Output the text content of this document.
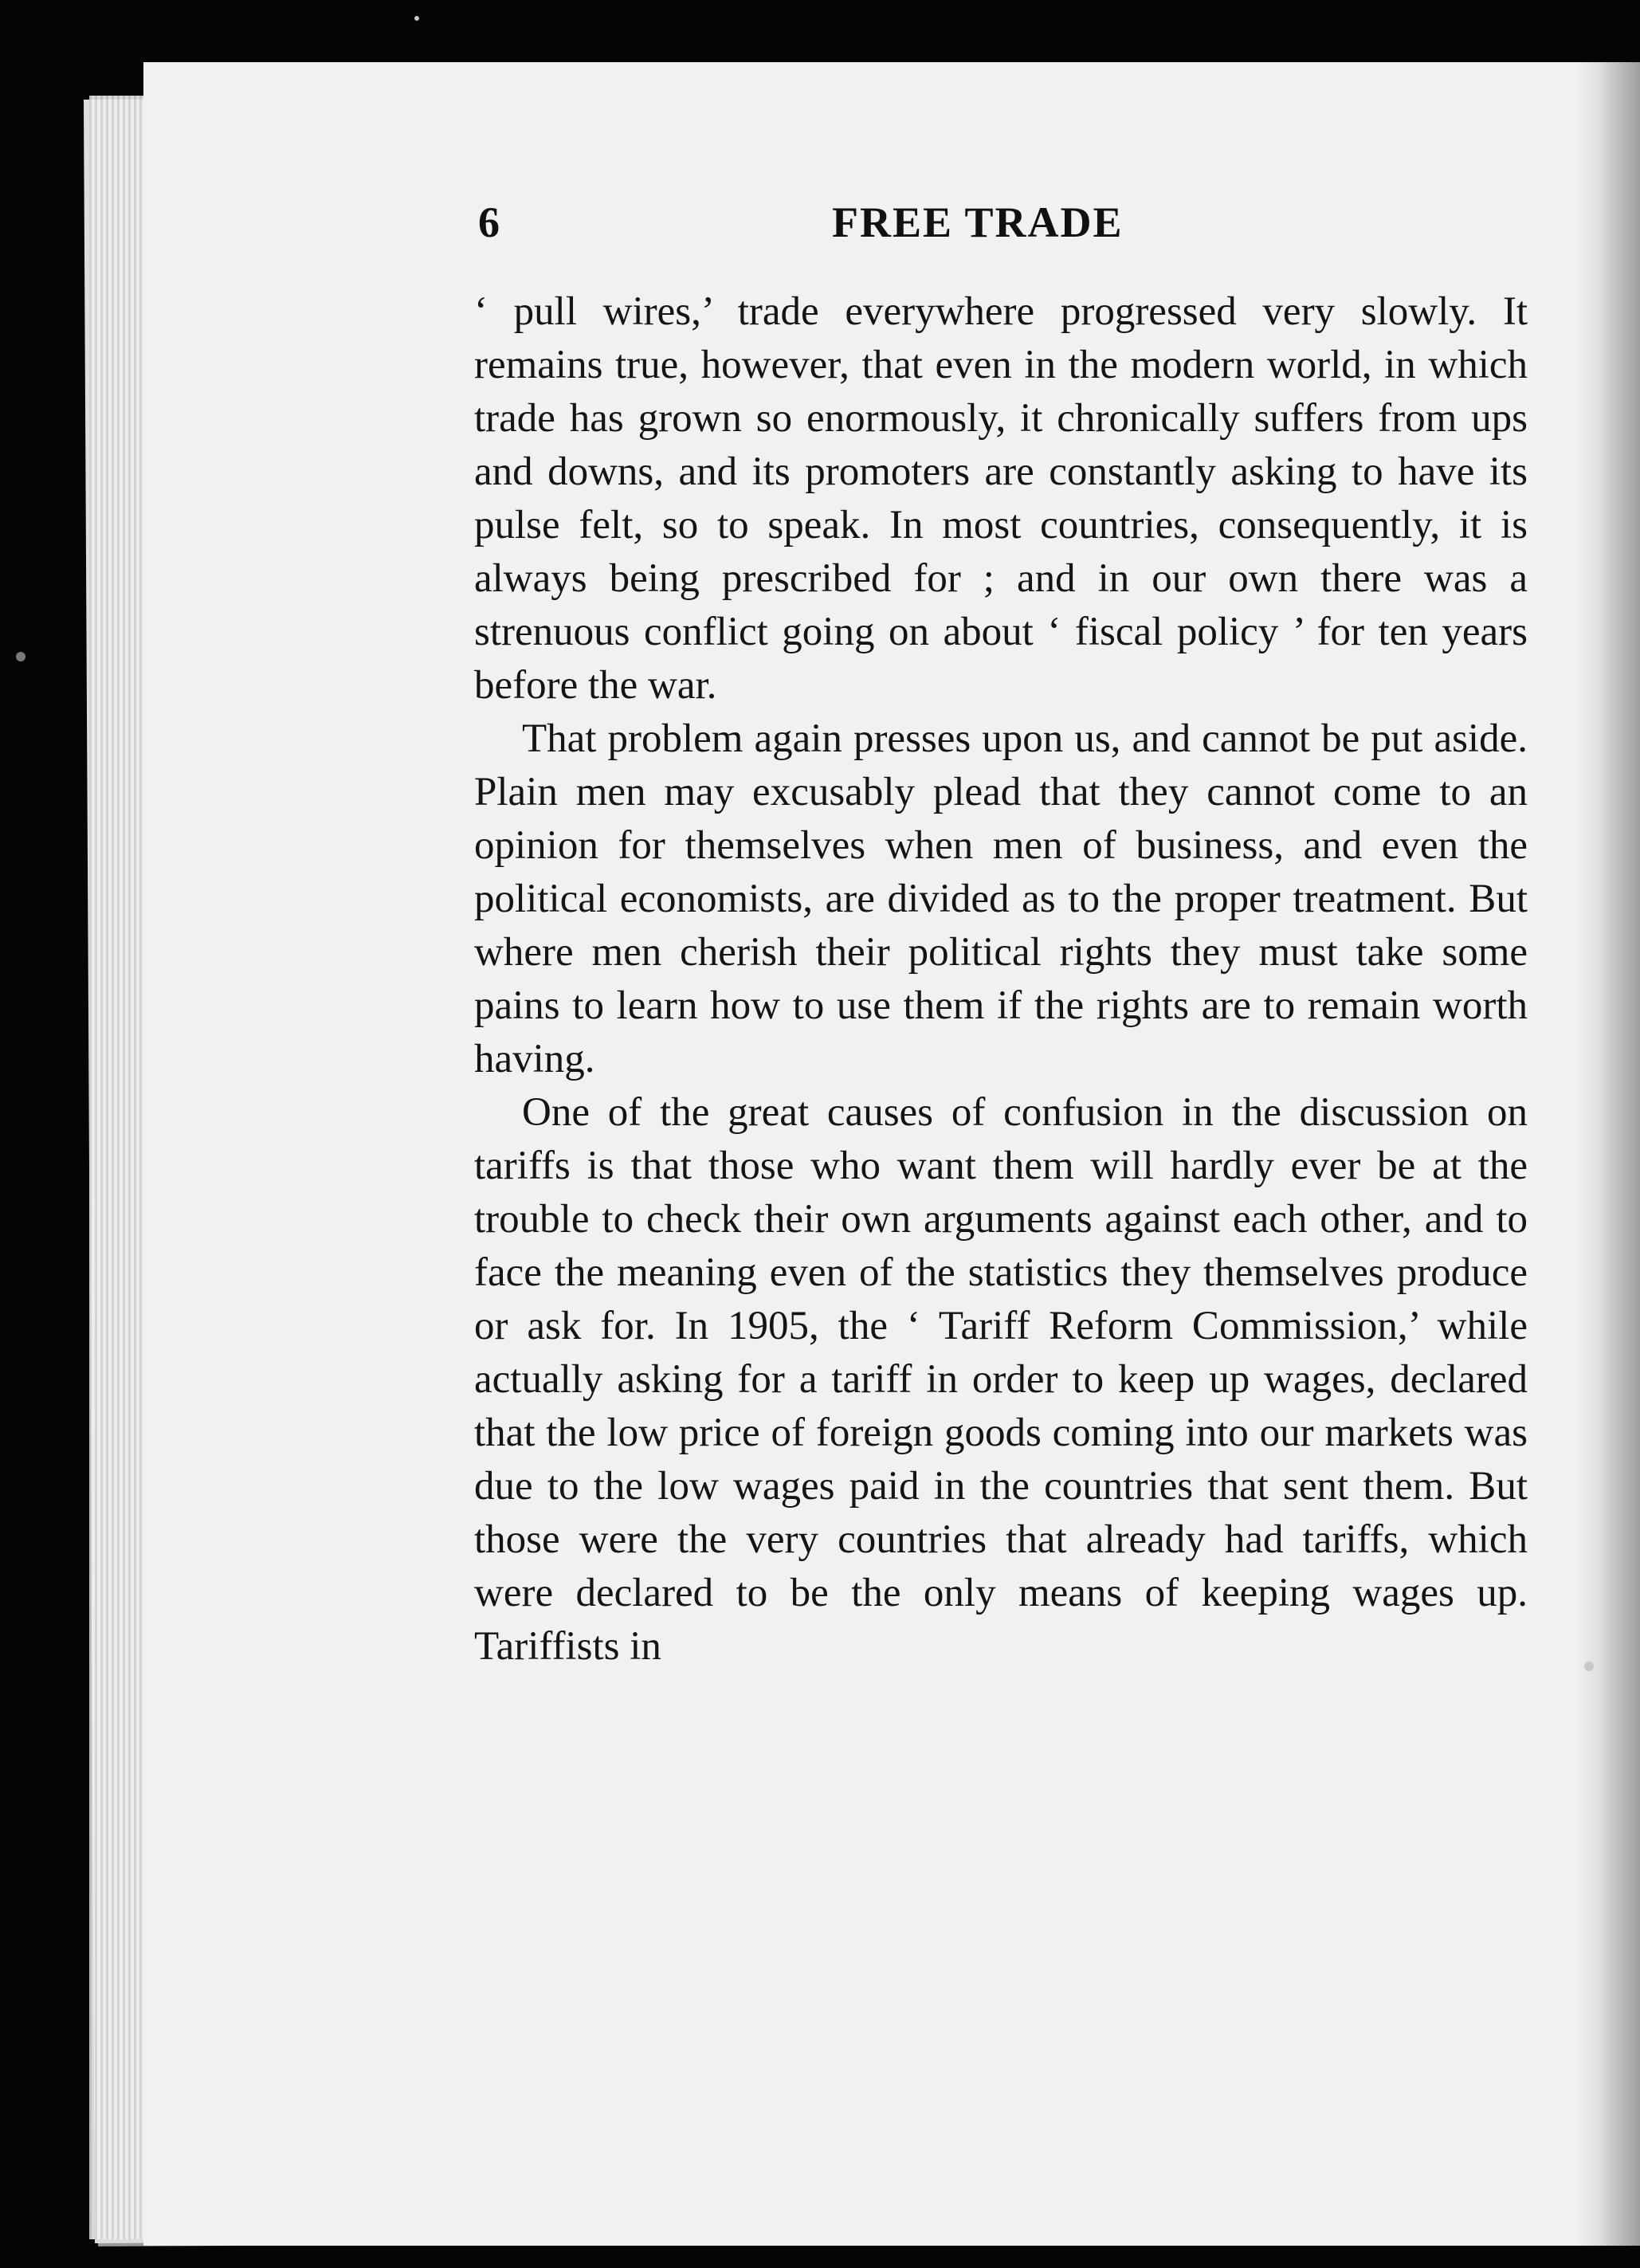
6	FREE TRADE

‘ pull wires,’ trade everywhere progressed very slowly. It remains true, however, that even in the modern world, in which trade has grown so enormously, it chronically suffers from ups and downs, and its promoters are constantly asking to have its pulse felt, so to speak. In most countries, consequently, it is always being prescribed for ; and in our own there was a strenuous conflict going on about ‘ fiscal policy ’ for ten years before the war.

That problem again presses upon us, and cannot be put aside. Plain men may excusably plead that they cannot come to an opinion for themselves when men of business, and even the political economists, are divided as to the proper treatment. But where men cherish their political rights they must take some pains to learn how to use them if the rights are to remain worth having.

One of the great causes of confusion in the discussion on tariffs is that those who want them will hardly ever be at the trouble to check their own arguments against each other, and to face the meaning even of the statistics they themselves produce or ask for. In 1905, the ‘ Tariff Reform Commission,’ while actually asking for a tariff in order to keep up wages, declared that the low price of foreign goods coming into our markets was due to the low wages paid in the countries that sent them. But those were the very countries that already had tariffs, which were declared to be the only means of keeping wages up. Tariffists in
